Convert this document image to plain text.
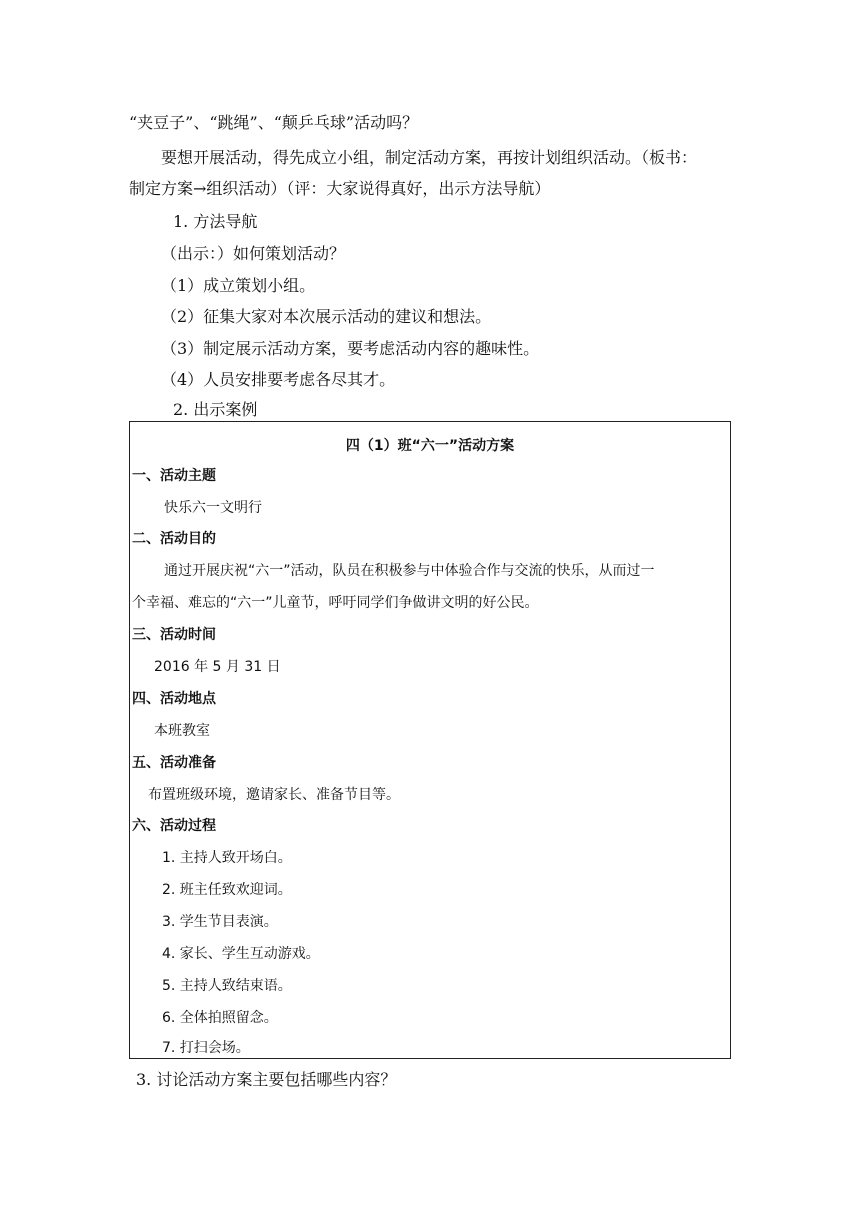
“夹豆子”、“跳绳”、“颠乒乓球”活动吗？
要想开展活动，得先成立小组，制定活动方案，再按计划组织活动。（板书：
制定方案→组织活动）（评：大家说得真好，出示方法导航）
1. 方法导航
（出示：）如何策划活动？
（1）成立策划小组。
（2）征集大家对本次展示活动的建议和想法。
（3）制定展示活动方案，要考虑活动内容的趣味性。
（4）人员安排要考虑各尽其才。
2. 出示案例
四（1）班“六一”活动方案
一、活动主题
快乐六一文明行
二、活动目的
通过开展庆祝“六一”活动，队员在积极参与中体验合作与交流的快乐，从而过一
个幸福、难忘的“六一”儿童节，呼吁同学们争做讲文明的好公民。
三、活动时间
2016 年 5 月 31 日
四、活动地点
本班教室
五、活动准备
布置班级环境，邀请家长、准备节目等。
六、活动过程
1. 主持人致开场白。
2. 班主任致欢迎词。
3. 学生节目表演。
4. 家长、学生互动游戏。
5. 主持人致结束语。
6. 全体拍照留念。
7. 打扫会场。
3. 讨论活动方案主要包括哪些内容？
